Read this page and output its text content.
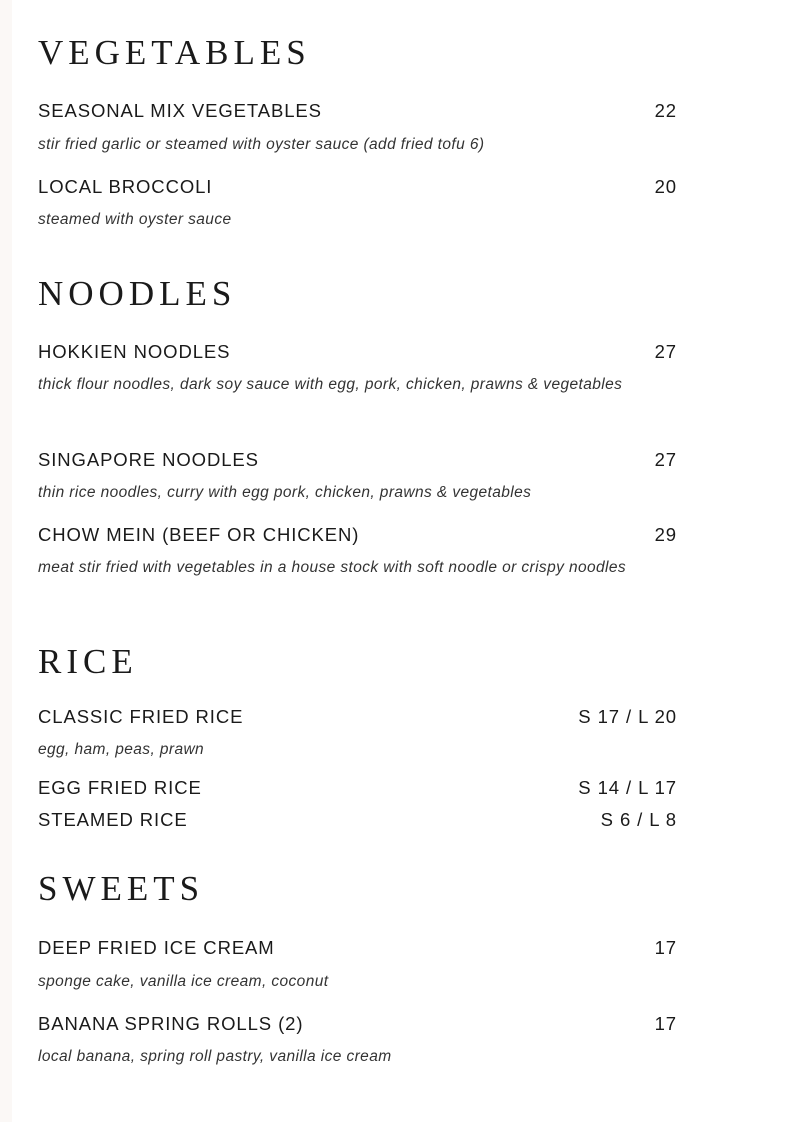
VEGETABLES
SEASONAL MIX VEGETABLES	22
stir fried garlic or steamed with oyster sauce (add fried tofu 6)
LOCAL BROCCOLI	20
steamed with oyster sauce
NOODLES
HOKKIEN NOODLES	27
thick flour noodles, dark soy sauce with egg, pork, chicken, prawns & vegetables
SINGAPORE NOODLES	27
thin rice noodles, curry with egg pork, chicken, prawns & vegetables
CHOW MEIN (BEEF OR CHICKEN)	29
meat stir fried with vegetables in a house stock with soft noodle or crispy noodles
RICE
CLASSIC FRIED RICE	S 17 / L 20
egg, ham, peas, prawn
EGG FRIED RICE	S 14 / L 17
STEAMED RICE	S 6 / L 8
SWEETS
DEEP FRIED ICE CREAM	17
sponge cake, vanilla ice cream, coconut
BANANA SPRING ROLLS (2)	17
local banana, spring roll pastry, vanilla ice cream
